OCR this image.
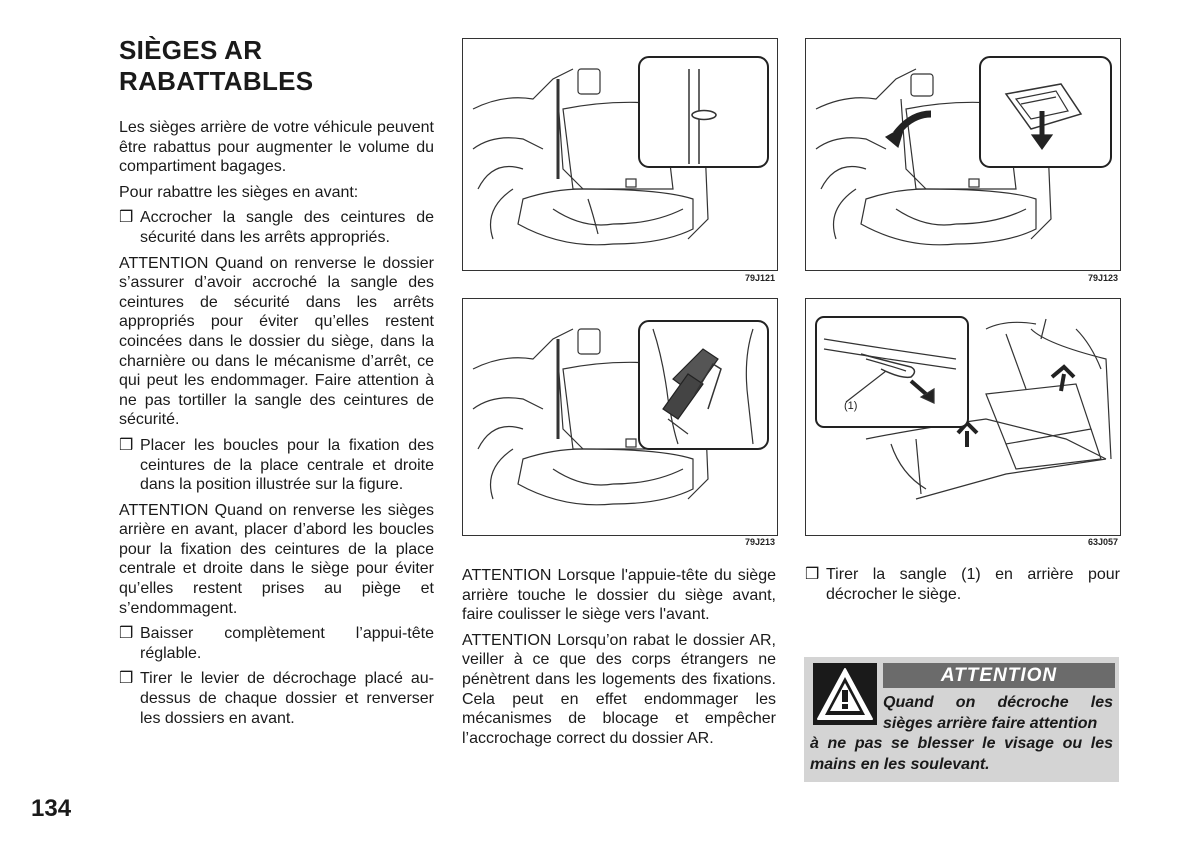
SIÈGES AR
RABATTABLES

Les sièges arrière de votre véhicule peuvent être rabattus pour augmenter le volume du compartiment bagages.

Pour rabattre les sièges en avant:

❒ Accrocher la sangle des ceintures de sécurité dans les arrêts appropriés.

ATTENTION Quand on renverse le dossier s’assurer d’avoir accroché la sangle des ceintures de sécurité dans les arrêts appropriés pour éviter qu’elles restent coincées dans le dossier du siège, dans la charnière ou dans le mécanisme d’arrêt, ce qui peut les endommager. Faire attention à ne pas tortiller la sangle des ceintures de sécurité.

❒ Placer les boucles pour la fixation des ceintures de la place centrale et droite dans la position illustrée sur la figure.

ATTENTION Quand on renverse les sièges arrière en avant, placer d’abord les boucles pour la fixation des ceintures de la place centrale et droite dans le siège pour éviter qu’elles restent prises au piège et s’endommagent.

❒ Baisser complètement l’appui-tête réglable.

❒ Tirer le levier de décrochage placé au-dessus de chaque dossier et renverser les dossiers en avant.

79J121	79J123
79J213
(1)
63J057

ATTENTION Lorsque l'appuie-tête du siège arrière touche le dossier du siège avant, faire coulisser le siège vers l'avant.

ATTENTION Lorsqu’on rabat le dossier AR, veiller à ce que des corps étrangers ne pénètrent dans les logements des fixations. Cela peut en effet endommager les mécanismes de blocage et empêcher l’accrochage correct du dossier AR.

❒ Tirer la sangle (1) en arrière pour décrocher le siège.

ATTENTION
Quand on décroche les sièges arrière faire attention
à ne pas se blesser le visage ou les mains en les soulevant.
134
